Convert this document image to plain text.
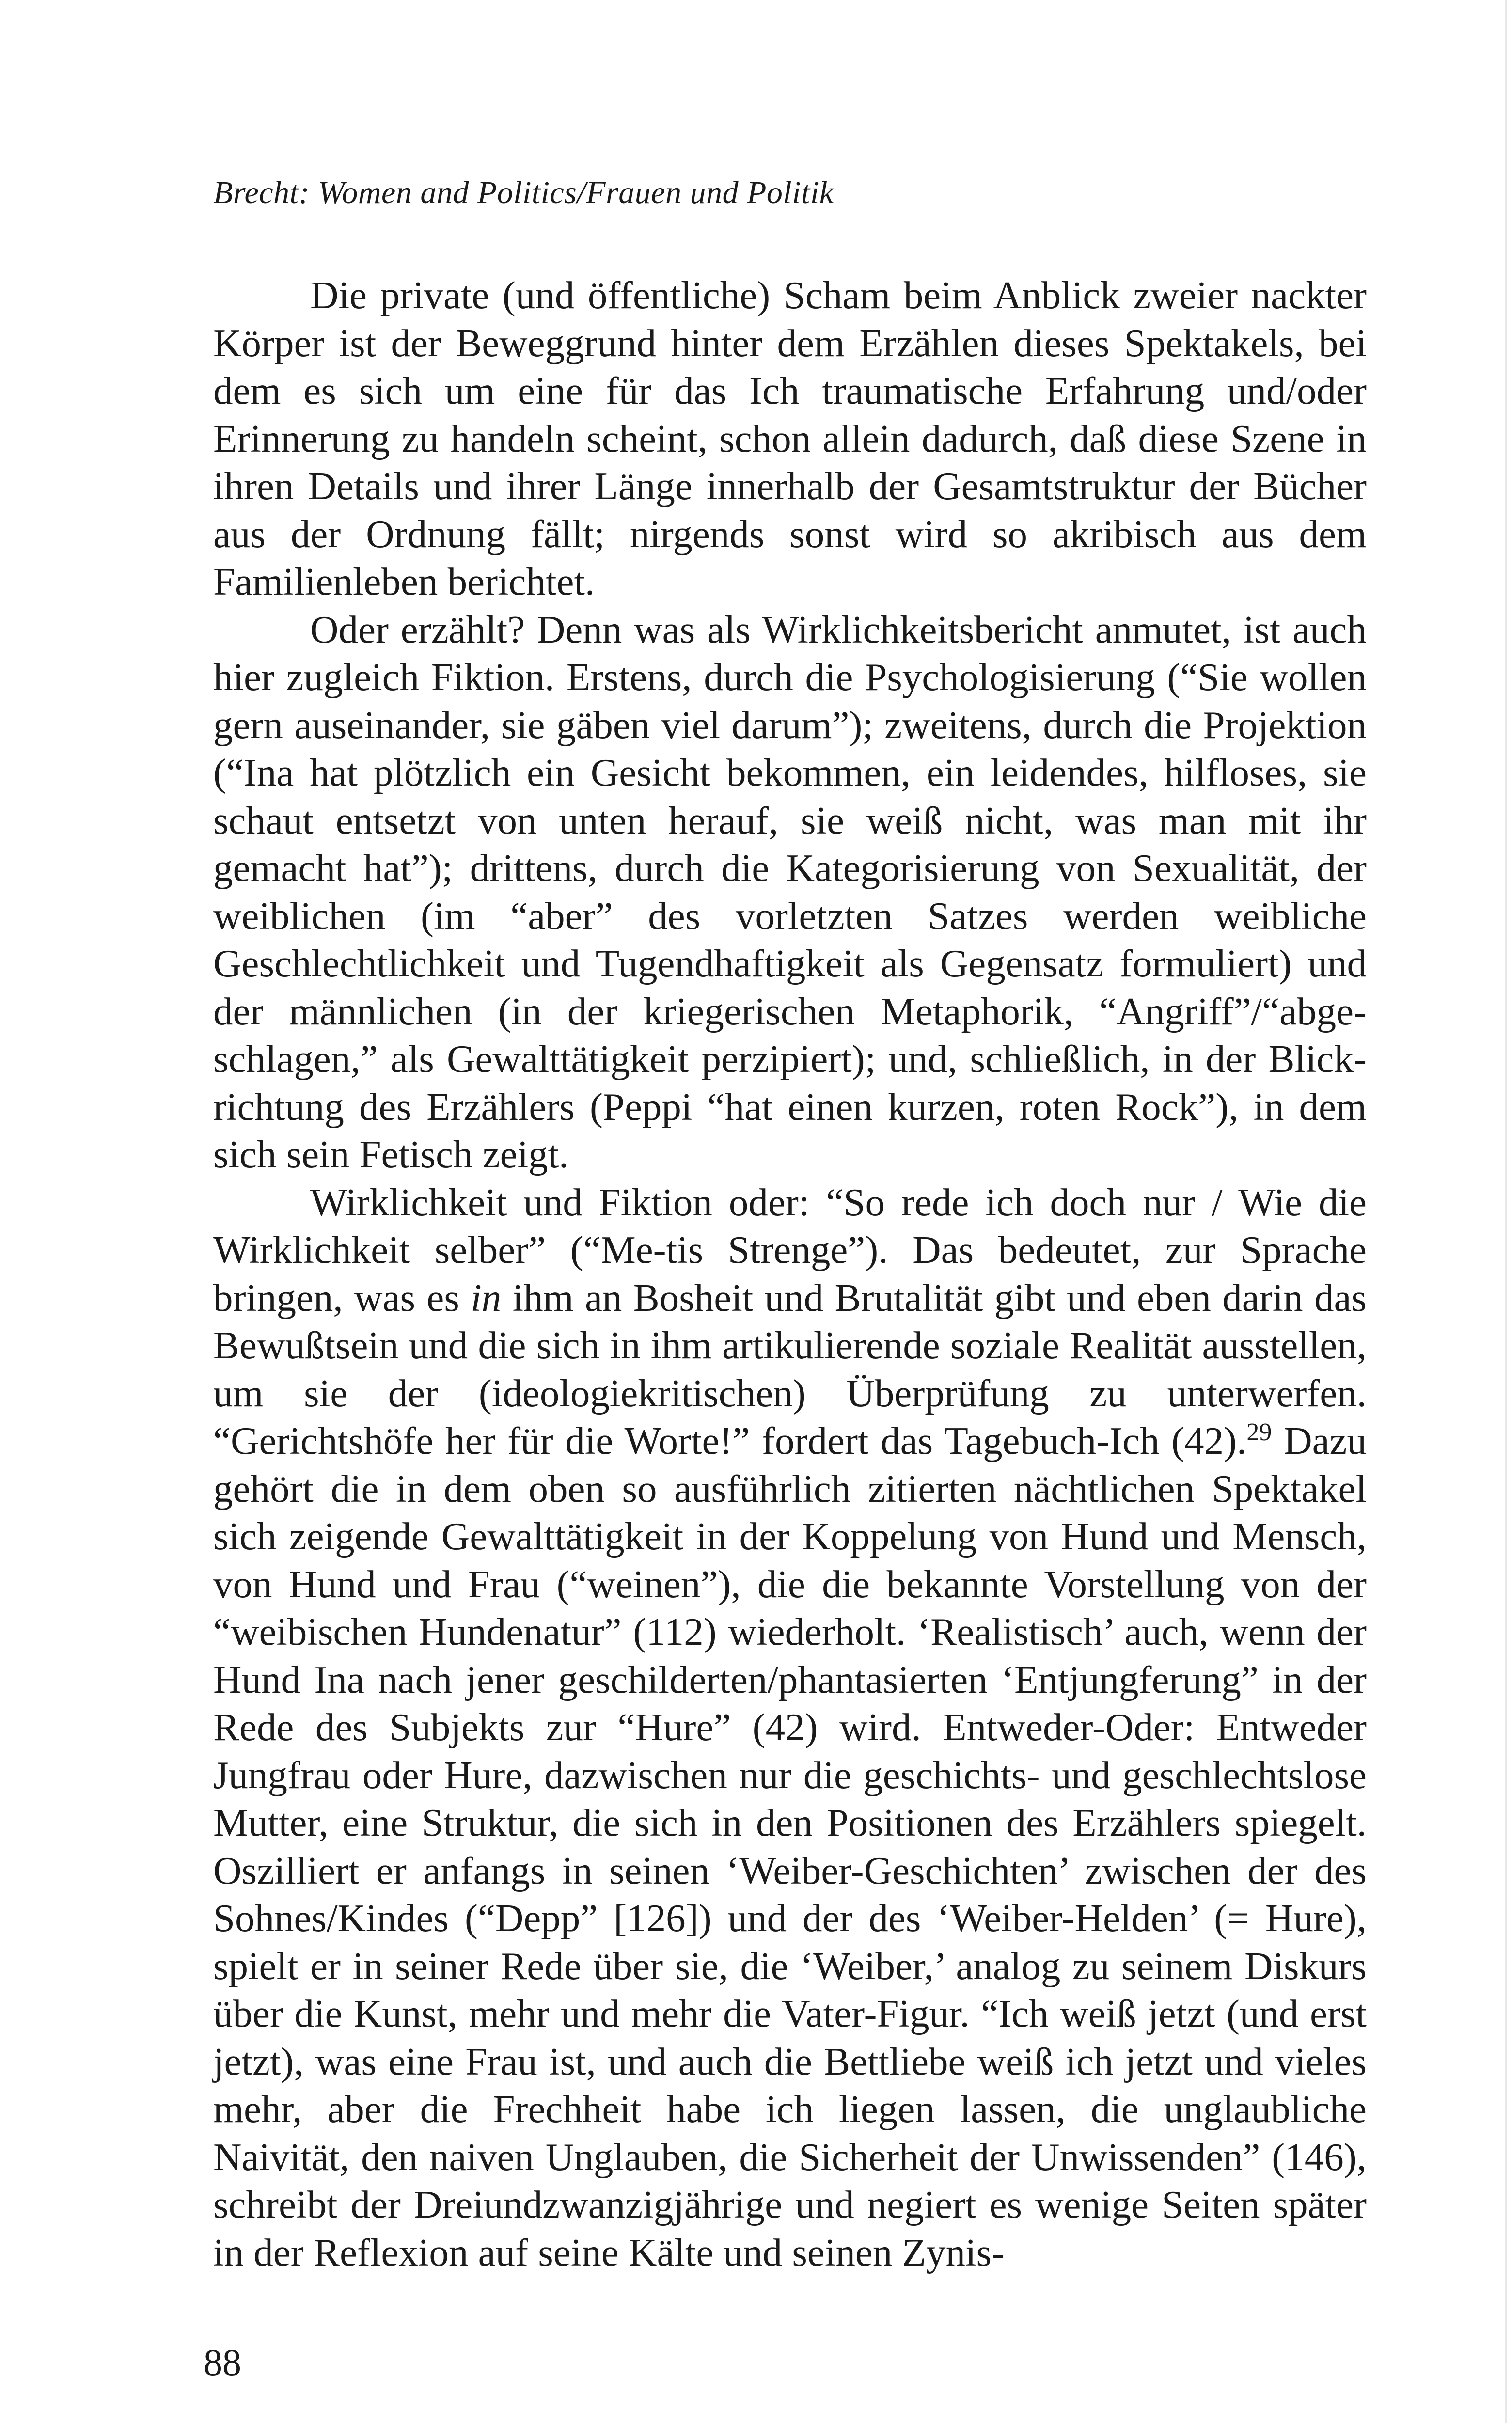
Brecht: Women and Politics/Frauen und Politik

Die private (und öffentliche) Scham beim Anblick zweier nackter Körper ist der Beweggrund hinter dem Erzählen dieses Spektakels, bei dem es sich um eine für das Ich traumatische Erfahrung und/oder Erinnerung zu handeln scheint, schon allein dadurch, daß diese Szene in ihren Details und ihrer Länge innerhalb der Gesamtstruktur der Bücher aus der Ordnung fällt; nirgends sonst wird so akribisch aus dem Familienleben berichtet.

Oder erzählt? Denn was als Wirklichkeitsbericht anmutet, ist auch hier zugleich Fiktion. Erstens, durch die Psychologisierung (“Sie wollen gern auseinander, sie gäben viel darum”); zweitens, durch die Projektion (“Ina hat plötzlich ein Gesicht bekommen, ein leidendes, hilfloses, sie schaut entsetzt von unten herauf, sie weiß nicht, was man mit ihr gemacht hat”); drittens, durch die Kategorisierung von Sexualität, der weiblichen (im “aber” des vorletzten Satzes werden weibliche Geschlechtlichkeit und Tugendhaftigkeit als Gegensatz formuliert) und der männlichen (in der kriegerischen Metaphorik, “Angriff”/“abgeschlagen,” als Gewalttätigkeit perzipiert); und, schließlich, in der Blickrichtung des Erzählers (Peppi “hat einen kurzen, roten Rock”), in dem sich sein Fetisch zeigt.

Wirklichkeit und Fiktion oder: “So rede ich doch nur / Wie die Wirklichkeit selber” (“Me-tis Strenge”). Das bedeutet, zur Sprache bringen, was es in ihm an Bosheit und Brutalität gibt und eben darin das Bewußtsein und die sich in ihm artikulierende soziale Realität ausstellen, um sie der (ideologiekritischen) Überprüfung zu unterwerfen. “Gerichtshöfe her für die Worte!” fordert das Tagebuch-Ich (42).$^{29}$ Dazu gehört die in dem oben so ausführlich zitierten nächtlichen Spektakel sich zeigende Gewalttätigkeit in der Koppelung von Hund und Mensch, von Hund und Frau (“weinen”), die die bekannte Vorstellung von der “weibischen Hundenatur” (112) wiederholt. ‘Realistisch’ auch, wenn der Hund Ina nach jener geschilderten/phantasierten ‘Entjungferung” in der Rede des Subjekts zur “Hure” (42) wird. Entweder-Oder: Entweder Jungfrau oder Hure, dazwischen nur die geschichts- und geschlechtslose Mutter, eine Struktur, die sich in den Positionen des Erzählers spiegelt. Oszilliert er anfangs in seinen ‘Weiber-Geschichten’ zwischen der des Sohnes/Kindes (“Depp” [126]) und der des ‘Weiber-Helden’ (= Hure), spielt er in seiner Rede über sie, die ‘Weiber,’ analog zu seinem Diskurs über die Kunst, mehr und mehr die Vater-Figur. “Ich weiß jetzt (und erst jetzt), was eine Frau ist, und auch die Bettliebe weiß ich jetzt und vieles mehr, aber die Frechheit habe ich liegen lassen, die unglaubliche Naivität, den naiven Unglauben, die Sicherheit der Unwissenden” (146), schreibt der Dreiundzwanzigjährige und negiert es wenige Seiten später in der Reflexion auf seine Kälte und seinen Zynis-

88
